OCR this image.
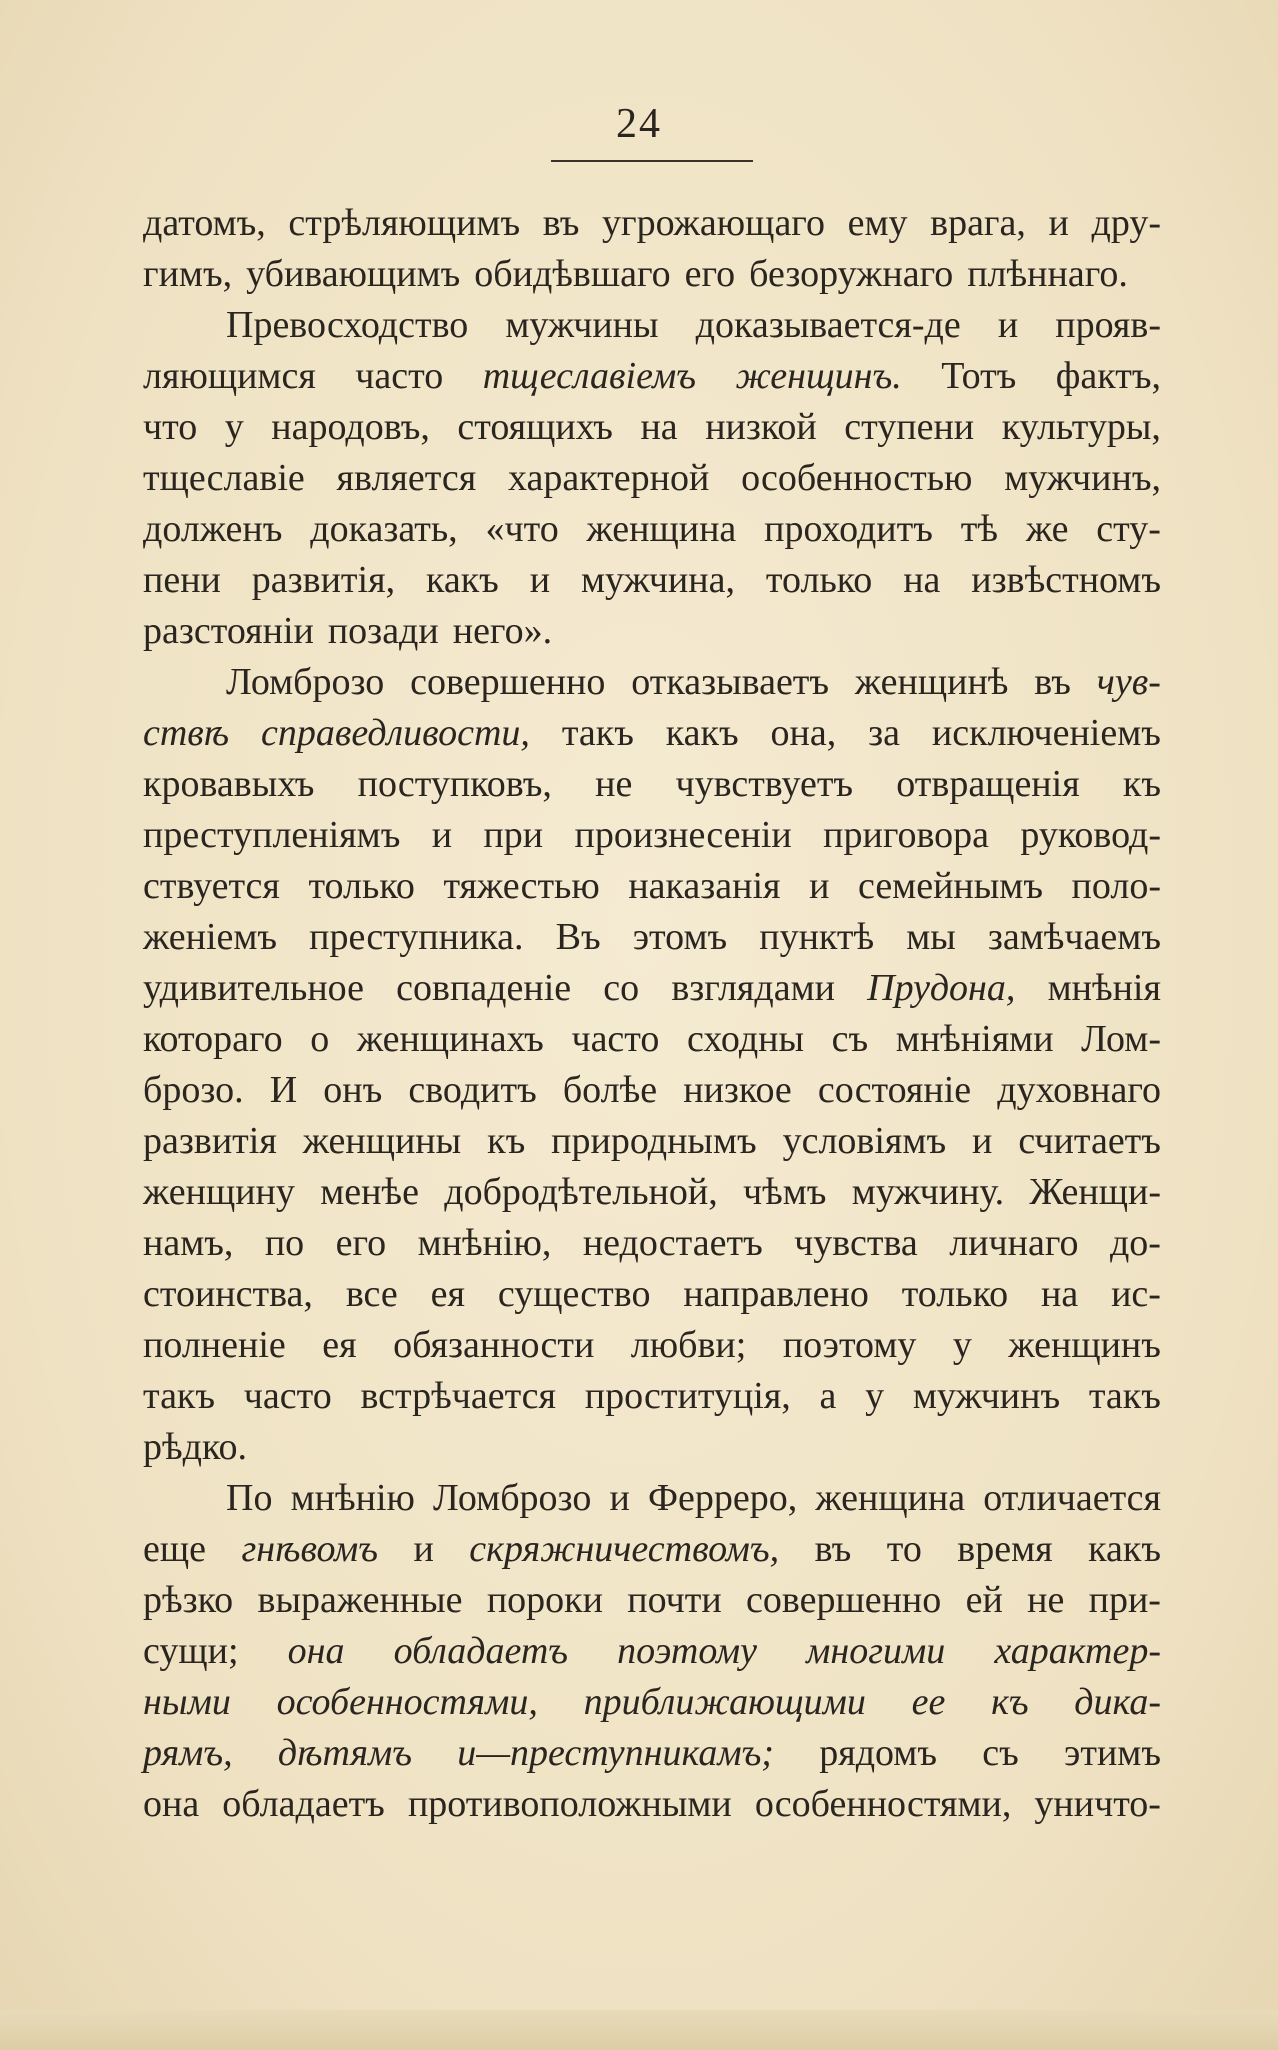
24
датомъ, стрѣляющимъ въ угрожающаго ему врага, и дру-
гимъ, убивающимъ обидѣвшаго его безоружнаго плѣннаго.
Превосходство мужчины доказывается-де и прояв-
ляющимся часто тщеславіемъ женщинъ. Тотъ фактъ,
что у народовъ, стоящихъ на низкой ступени культуры,
тщеславіе является характерной особенностью мужчинъ,
долженъ доказать, «что женщина проходитъ тѣ же сту-
пени развитія, какъ и мужчина, только на извѣстномъ
разстояніи позади него».
Ломброзо совершенно отказываетъ женщинѣ въ чув-
ствѣ справедливости, такъ какъ она, за исключеніемъ
кровавыхъ поступковъ, не чувствуетъ отвращенія къ
преступленіямъ и при произнесеніи приговора руковод-
ствуется только тяжестью наказанія и семейнымъ поло-
женіемъ преступника. Въ этомъ пунктѣ мы замѣчаемъ
удивительное совпаденіе со взглядами Прудона, мнѣнія
котораго о женщинахъ часто сходны съ мнѣніями Лом-
брозо. И онъ сводитъ болѣе низкое состояніе духовнаго
развитія женщины къ природнымъ условіямъ и считаетъ
женщину менѣе добродѣтельной, чѣмъ мужчину. Женщи-
намъ, по его мнѣнію, недостаетъ чувства личнаго до-
стоинства, все ея существо направлено только на ис-
полненіе ея обязанности любви; поэтому у женщинъ
такъ часто встрѣчается проституція, а у мужчинъ такъ
рѣдко.
По мнѣнію Ломброзо и Ферреро, женщина отличается
еще гнѣвомъ и скряжничествомъ, въ то время какъ
рѣзко выраженные пороки почти совершенно ей не при-
сущи; она обладаетъ поэтому многими характер-
ными особенностями, приближающими ее къ дика-
рямъ, дѣтямъ и—преступникамъ; рядомъ съ этимъ
она обладаетъ противоположными особенностями, уничто-
